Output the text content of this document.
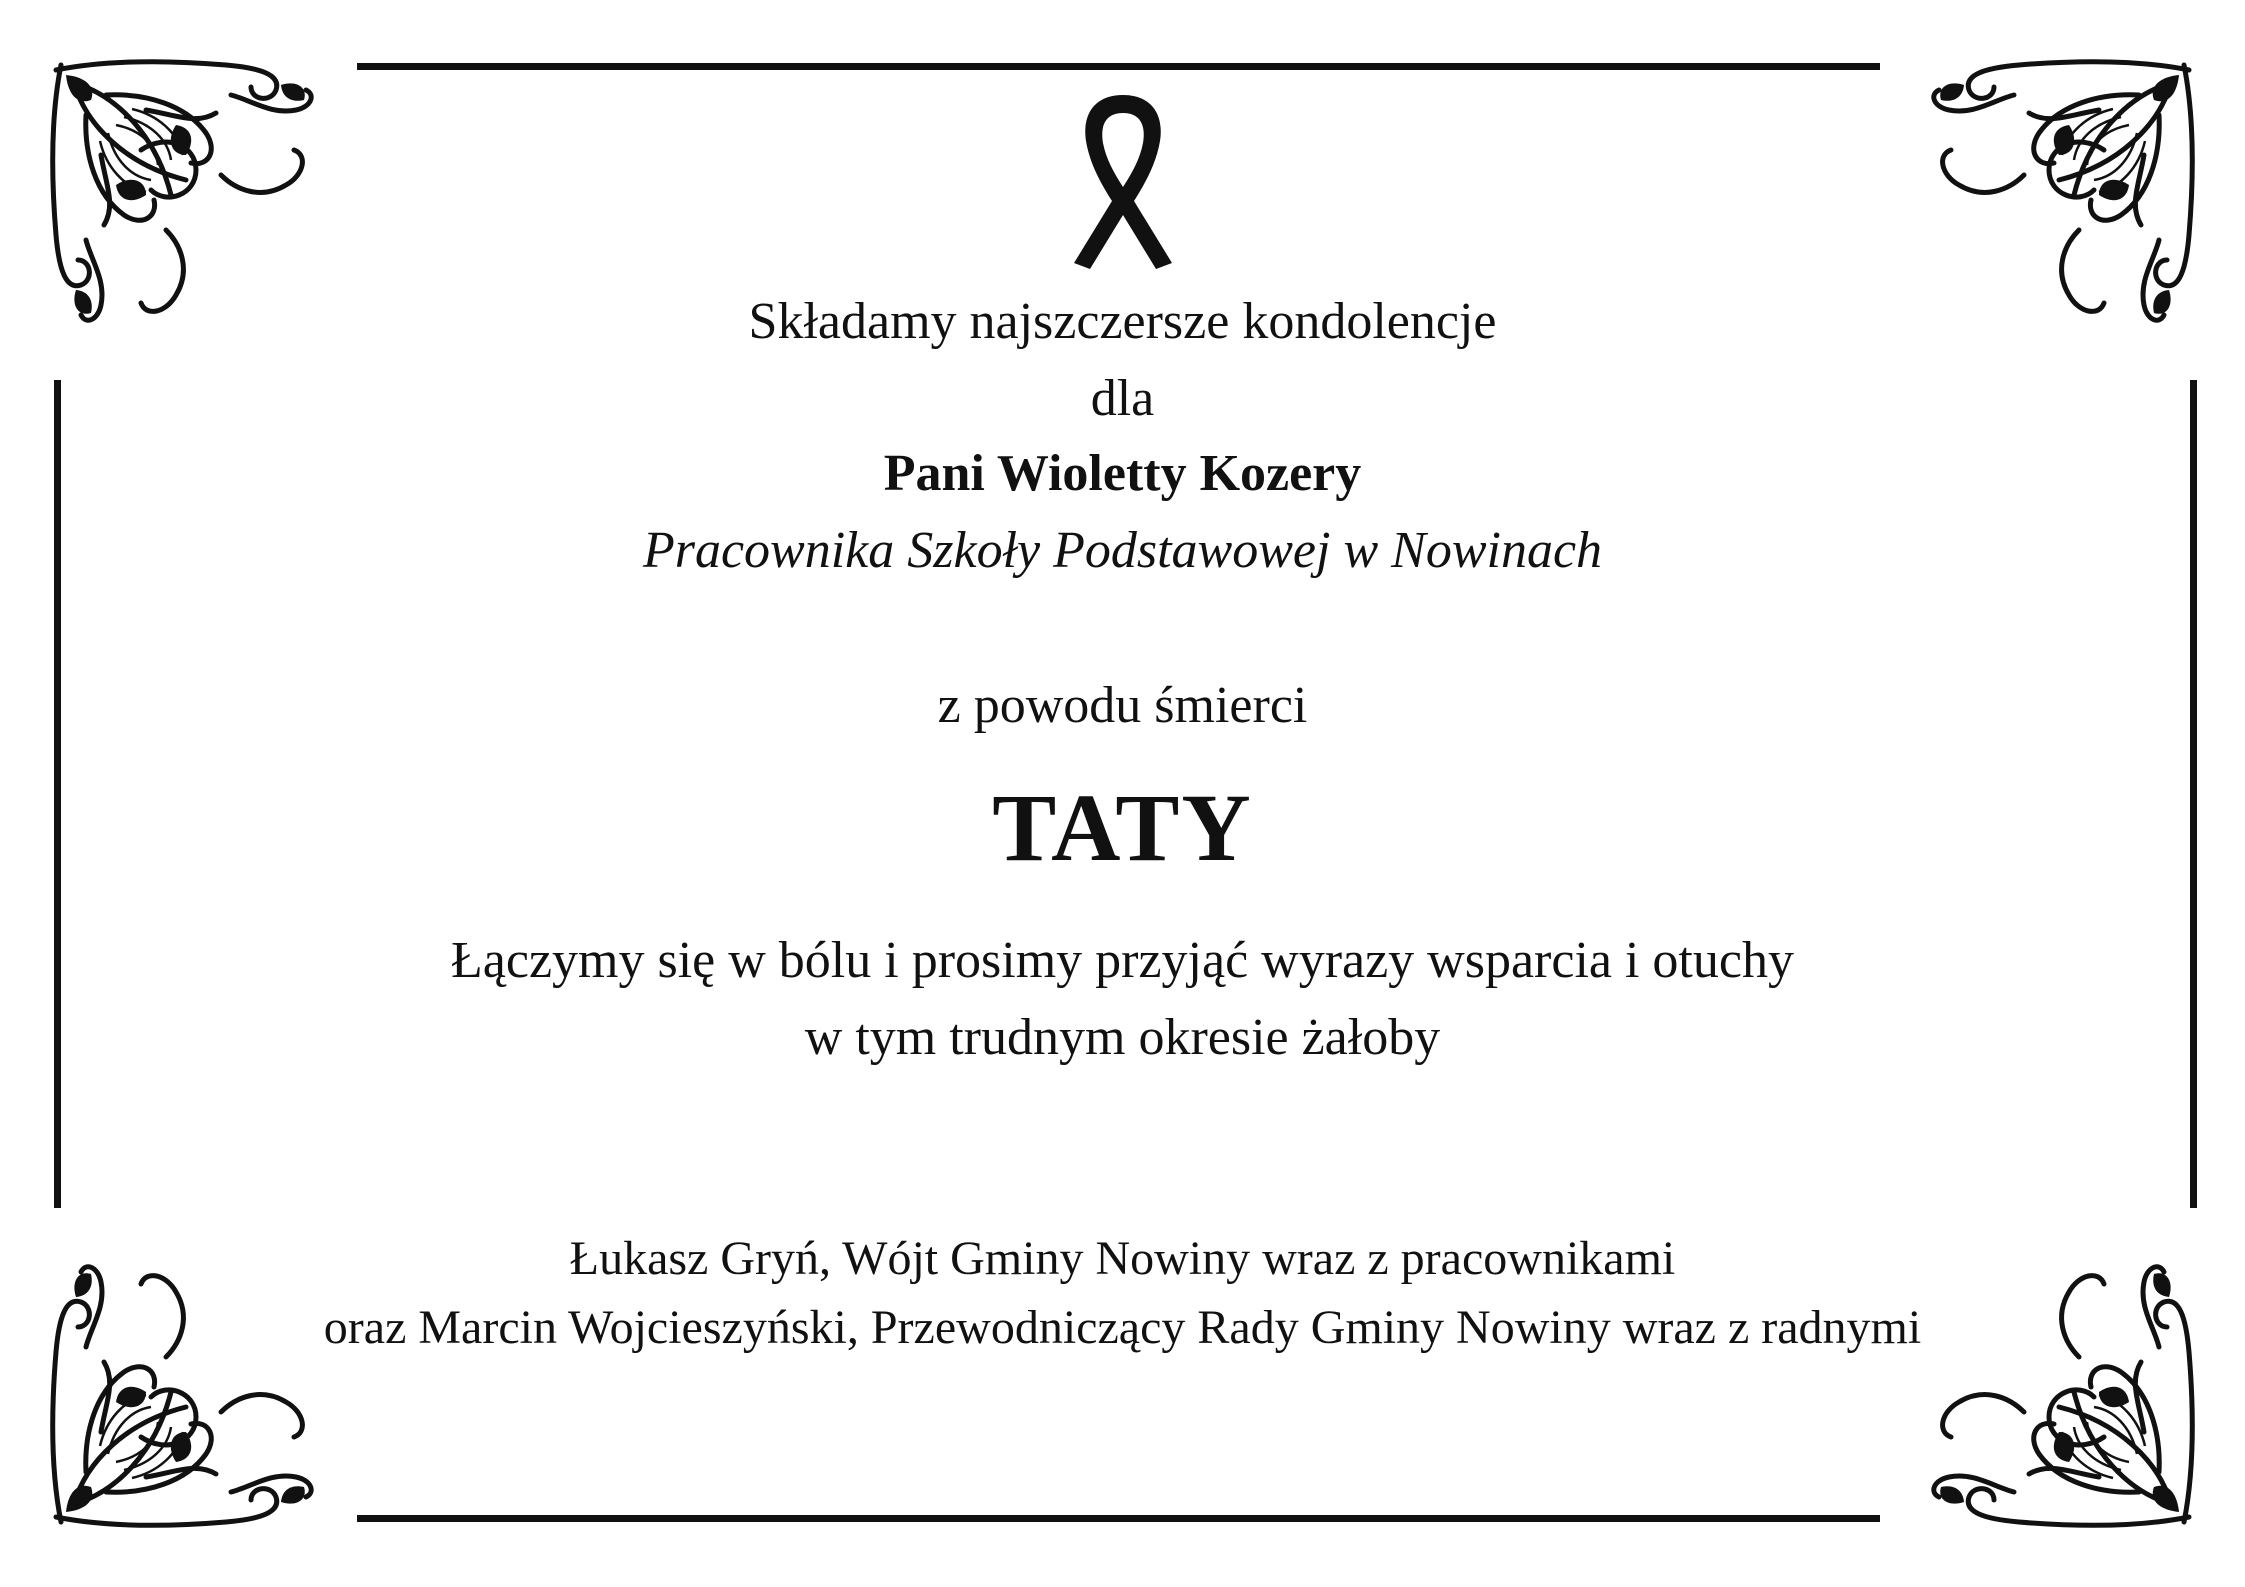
Składamy najszczersze kondolencje
dla
Pani Wioletty Kozery
Pracownika Szkoły Podstawowej w Nowinach
z powodu śmierci
TATY
Łączymy się w bólu i prosimy przyjąć wyrazy wsparcia i otuchy
w tym trudnym okresie żałoby
Łukasz Gryń, Wójt Gminy Nowiny wraz z pracownikami
oraz Marcin Wojcieszyński, Przewodniczący Rady Gminy Nowiny wraz z radnymi
